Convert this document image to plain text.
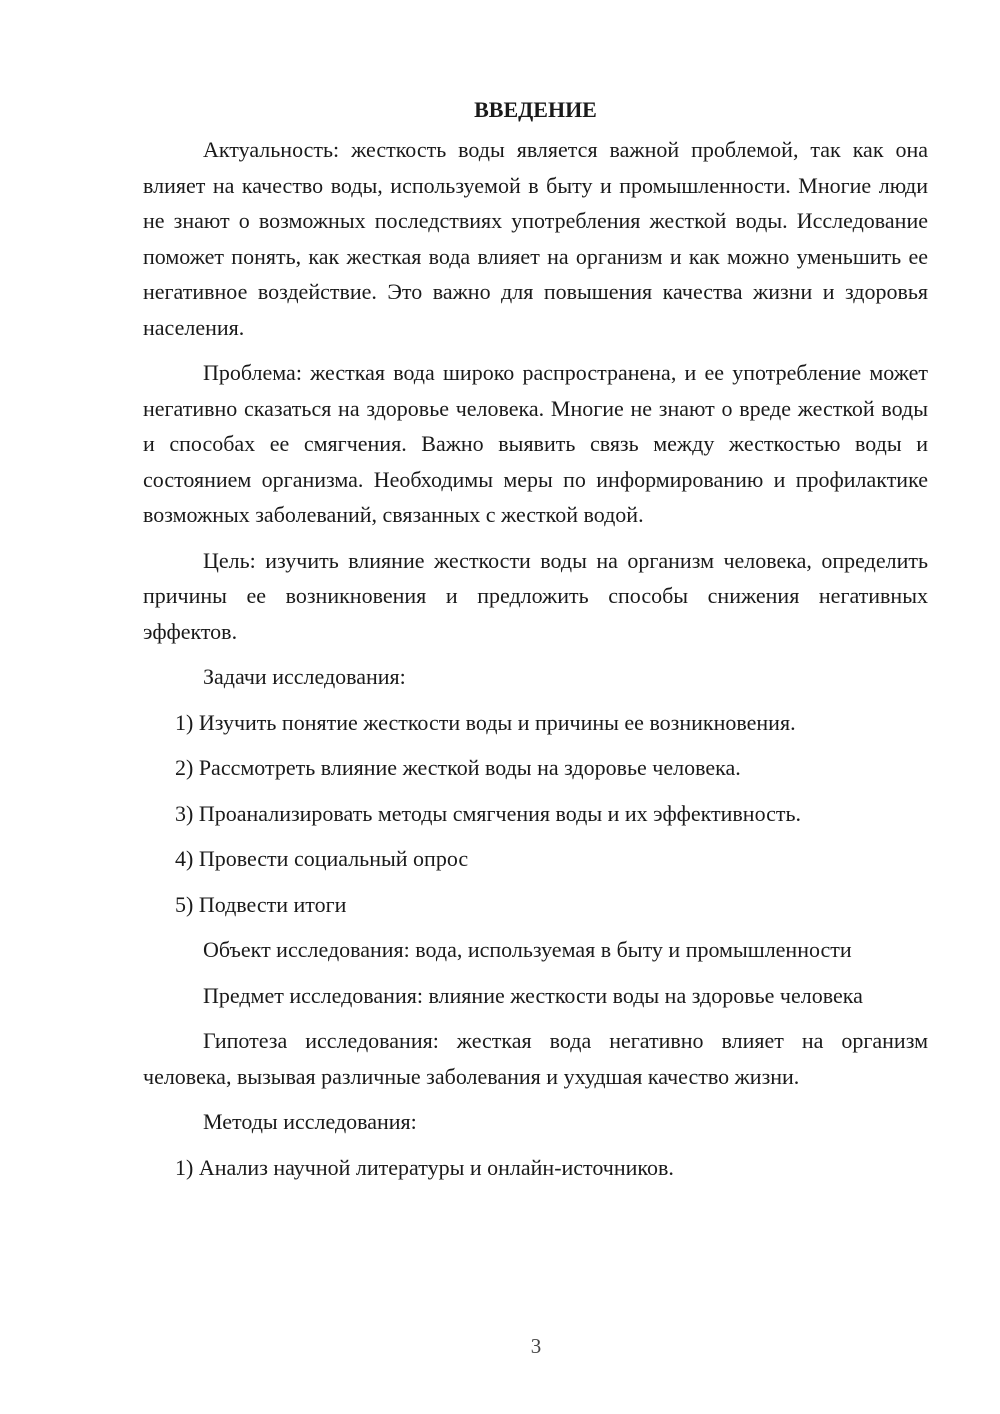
ВВЕДЕНИЕ

Актуальность: жесткость воды является важной проблемой, так как она влияет на качество воды, используемой в быту и промышленности. Многие люди не знают о возможных последствиях употребления жесткой воды. Исследование поможет понять, как жесткая вода влияет на организм и как можно уменьшить ее негативное воздействие. Это важно для повышения качества жизни и здоровья населения.

Проблема: жесткая вода широко распространена, и ее употребление может негативно сказаться на здоровье человека. Многие не знают о вреде жесткой воды и способах ее смягчения. Важно выявить связь между жесткостью воды и состоянием организма. Необходимы меры по информированию и профилактике возможных заболеваний, связанных с жесткой водой.

Цель: изучить влияние жесткости воды на организм человека, определить причины ее возникновения и предложить способы снижения негативных эффектов.

Задачи исследования:

1) Изучить понятие жесткости воды и причины ее возникновения.

2) Рассмотреть влияние жесткой воды на здоровье человека.

3) Проанализировать методы смягчения воды и их эффективность.

4) Провести социальный опрос

5) Подвести итоги

Объект исследования: вода, используемая в быту и промышленности

Предмет исследования: влияние жесткости воды на здоровье человека

Гипотеза исследования: жесткая вода негативно влияет на организм человека, вызывая различные заболевания и ухудшая качество жизни.

Методы исследования:

1) Анализ научной литературы и онлайн-источников.

3
